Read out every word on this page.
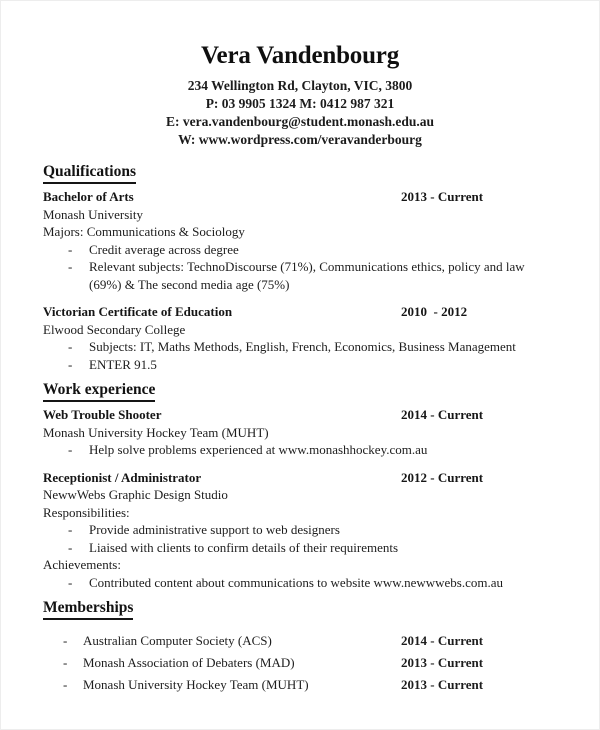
Vera Vandenbourg
234 Wellington Rd, Clayton, VIC, 3800
P: 03 9905 1324 M: 0412 987 321
E: vera.vandenbourg@student.monash.edu.au
W: www.wordpress.com/veravanderbourg
Qualifications
Bachelor of Arts	2013 - Current
Monash University
Majors: Communications & Sociology
- Credit average across degree
- Relevant subjects: TechnoDiscourse (71%), Communications ethics, policy and law (69%) & The second media age (75%)
Victorian Certificate of Education	2010  - 2012
Elwood Secondary College
- Subjects: IT, Maths Methods, English, French, Economics, Business Management
- ENTER 91.5
Work experience
Web Trouble Shooter	2014 - Current
Monash University Hockey Team (MUHT)
- Help solve problems experienced at www.monashhockey.com.au
Receptionist / Administrator	2012 - Current
NewwWebs Graphic Design Studio
Responsibilities:
- Provide administrative support to web designers
- Liaised with clients to confirm details of their requirements
Achievements:
- Contributed content about communications to website www.newwwebs.com.au
Memberships
- Australian Computer Society (ACS)	2014 - Current
- Monash Association of Debaters (MAD)	2013 - Current
- Monash University Hockey Team (MUHT)	2013 - Current
